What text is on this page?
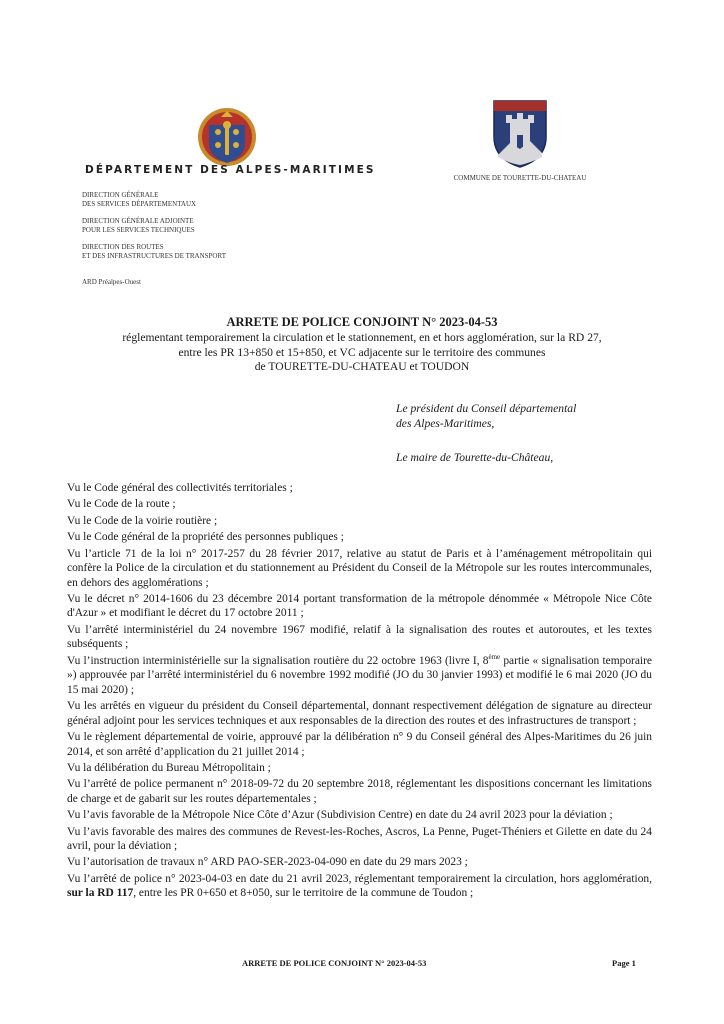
DÉPARTEMENT DES ALPES-MARITIMES
DIRECTION GÉNÉRALE
DES SERVICES DÉPARTEMENTAUX
DIRECTION GÉNÉRALE ADJOINTE
POUR LES SERVICES TECHNIQUES
DIRECTION DES ROUTES
ET DES INFRASTRUCTURES DE TRANSPORT
ARD Préalpes-Ouest
COMMUNE DE TOURETTE-DU-CHATEAU
ARRETE DE POLICE CONJOINT N° 2023-04-53
réglementant temporairement la circulation et le stationnement, en et hors agglomération, sur la RD 27,
entre les PR 13+850 et 15+850, et VC adjacente sur le territoire des communes
de TOURETTE-DU-CHATEAU et TOUDON
Le président du Conseil départemental
des Alpes-Maritimes,
Le maire de Tourette-du-Château,

Vu le Code général des collectivités territoriales ;

Vu le Code de la route ;

Vu le Code de la voirie routière ;

Vu le Code général de la propriété des personnes publiques ;

Vu l’article 71 de la loi n° 2017-257 du 28 février 2017, relative au statut de Paris et à l’aménagement métropolitain qui confère la Police de la circulation et du stationnement au Président du Conseil de la Métropole sur les routes intercommunales, en dehors des agglomérations ;

Vu le décret n° 2014-1606 du 23 décembre 2014 portant transformation de la métropole dénommée « Métropole Nice Côte d'Azur » et modifiant le décret du 17 octobre 2011 ;

Vu l’arrêté interministériel du 24 novembre 1967 modifié, relatif à la signalisation des routes et autoroutes, et les textes subséquents ;

Vu l’instruction interministérielle sur la signalisation routière du 22 octobre 1963 (livre I, 8ème partie « signalisation temporaire ») approuvée par l’arrêté interministériel du 6 novembre 1992 modifié (JO du 30 janvier 1993) et modifié le 6 mai 2020 (JO du 15 mai 2020) ;

Vu les arrêtés en vigueur du président du Conseil départemental, donnant respectivement délégation de signature au directeur général adjoint pour les services techniques et aux responsables de la direction des routes et des infrastructures de transport ;

Vu le règlement départemental de voirie, approuvé par la délibération n° 9 du Conseil général des Alpes-Maritimes du 26 juin 2014, et son arrêté d’application du 21 juillet 2014 ;

Vu la délibération du Bureau Métropolitain ;

Vu l’arrêté de police permanent n° 2018-09-72 du 20 septembre 2018, réglementant les dispositions concernant les limitations de charge et de gabarit sur les routes départementales ;

Vu l’avis favorable de la Métropole Nice Côte d’Azur (Subdivision Centre) en date du 24 avril 2023 pour la déviation ;

Vu l’avis favorable des maires des communes de Revest-les-Roches, Ascros, La Penne, Puget-Théniers et Gilette en date du 24 avril, pour la déviation ;

Vu l’autorisation de travaux n° ARD PAO-SER-2023-04-090 en date du 29 mars 2023 ;

Vu l’arrêté de police n° 2023-04-03 en date du 21 avril 2023, réglementant temporairement la circulation, hors agglomération, sur la RD 117, entre les PR 0+650 et 8+050, sur le territoire de la commune de Toudon ;

ARRETE DE POLICE CONJOINT N° 2023-04-53	Page 1
